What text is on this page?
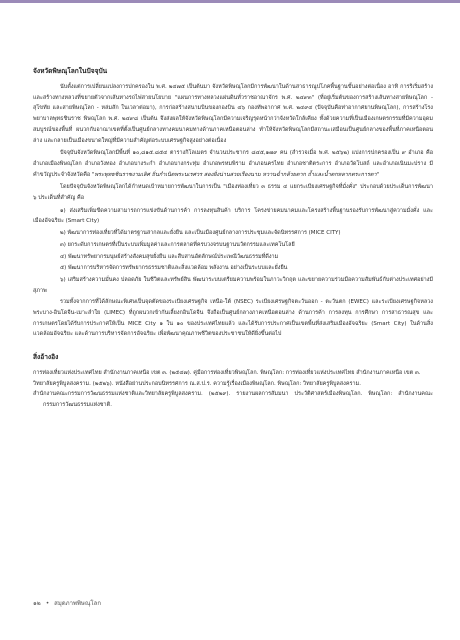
จังหวัดพิษณุโลกในปัจจุบัน

นับตั้งแต่การเปลี่ยนแปลงการปกครองใน พ.ศ. ๒๔๗๕ เป็นต้นมา จังหวัดพิษณุโลกมีการพัฒนาในด้านสาธารณูปโภคพื้นฐานขั้นอย่างต่อเนื่อง อาทิ การริเริ่มสร้างและสร้างทางหลวงที่ขยายตัวจากเส้นทางรถไฟสายนโยบาย "แผนการทางหลวงแผ่นดินทั่วราชอาณาจักร พ.ศ. ๒๔๙๓" (ที่อยู่เริ่มต้นของการสร้างเส้นทางสายพิษณุโลก - สุโขทัย และสายพิษณุโลก - หล่มสัก ในเวลาต่อมา), การก่อสร้างสนามบินของกองบิน ๔๖ กองทัพอากาศ พ.ศ. ๒๔๙๔ (ปัจจุบันคือท่าอากาศยานพิษณุโลก), การสร้างโรงพยาบาลพุทธชินราช พิษณุโลก พ.ศ. ๒๔๙๘ เป็นต้น จึงส่งผลให้จังหวัดพิษณุโลกมีความเจริญรุดหน้ากว่าจังหวัดใกล้เคียง ทั้งด้วยความที่เป็นเมืองเกษตรกรรมที่มีความอุดมสมบูรณ์ของพื้นที่ ผนวกกับอาณาเขตที่ตั้งเป็นศูนย์กลางทางคมนาคมทางด้านภาคเหนือตอนล่าง ทำให้จังหวัดพิษณุโลกมีสถานะเสมือนเป็นศูนย์กลางของพื้นที่ภาคเหนือตอนล่าง และกลายเป็นเมืองขนาดใหญ่ที่มีความสำคัญต่อระบบเศรษฐกิจสูงอย่างต่อเนื่อง

ปัจจุบันจังหวัดพิษณุโลกมีพื้นที่ ๑๐,๘๑๕.๘๕๔ ตารางกิโลเมตร จำนวนประชากร ๘๔๕,๑๗๙ คน (สำรวจเมื่อ พ.ศ. ๒๕๖๒) แบ่งการปกครองเป็น ๙ อำเภอ คือ อำเภอเมืองพิษณุโลก อำเภอวังทอง อำเภอบางระกำ อำเภอบางกระทุ่ม อำเภอพรหมพิราม อำเภอนครไทย อำเภอชาติตระการ อำเภอวัดโบสถ์ และอำเภอเนินมะปราง มีคำขวัญประจำจังหวัดคือ "พระพุทธชินราชงามเลิศ ถิ่นกำเนิดพระนเรศวร สองฝั่งน่านสวยเรืองนาม หวานฉ่ำกล้วยตาก ถ้ำและน้ำตกหลากตระการตา"

โดยปัจจุบันจังหวัดพิษณุโลกได้กำหนดเป้าหมายการพัฒนาในการเป็น "เมืองท่องเที่ยว ๓ ธรรม ๔ แยกระเบียงเศรษฐกิจที่มั่งคั่ง" ประกอบด้วยประเด็นการพัฒนา ๖ ประเด็นที่สำคัญ คือ

๑) ส่งเสริมเพิ่มขีดความสามารถการแข่งขันด้านการค้า การลงทุนสินค้า บริการ โครงข่ายคมนาคมและโครงสร้างพื้นฐานรองรับการพัฒนาสู่ความมั่งคั่ง และเมืองอัจฉริยะ (Smart City)

๒) พัฒนาการท่องเที่ยวที่ได้มาตรฐานสากลและยั่งยืน และเป็นเมืองศูนย์กลางการประชุมและจัดนิทรรศการ (MICE CITY)

๓) ยกระดับการเกษตรที่เป็นระบบเพิ่มมูลค่าและการตลาดที่ครบวงจรบนฐานนวัตกรรมและเทคโนโลยี

๔) พัฒนาทรัพยากรมนุษย์สร้างสังคมสุขยั่งยืน และสืบสานอัตลักษณ์ประเพณีวัฒนธรรมที่ดีงาม

๕) พัฒนาการบริหารจัดการทรัพยากรธรรมชาติและสิ่งแวดล้อม พลังงาน อย่างเป็นระบบและยั่งยืน

๖) เสริมสร้างความมั่นคง ปลอดภัย ในชีวิตและทรัพย์สิน พัฒนาระบบเตรียมความพร้อมในภาวะวิกฤต และขยายความร่วมมือความสัมพันธ์กับต่างประเทศอย่างมีสุภาพ

รวมทั้งจากการที่ได้ลักษณะพิเศษเป็นจุดตัดของระเบียงเศรษฐกิจ เหนือ-ใต้ (NSEC) ระเบียงเศรษฐกิจตะวันออก - ตะวันตก (EWEC) และระเบียงเศรษฐกิจหลวงพระบาง-อินโดจีน-เมาะลำใย (LIMEC) ที่ถูกผนวกเข้ากันเลี้ยงกอินโดจีน จึงถือเป็นศูนย์กลางภาคเหนือตอนล่าง ด้านการค้า การลงทุน การศึกษา การสาธารณสุข และการเกษตรโดยได้รับการประกาศให้เป็น MICE City ๑ ใน ๑๐ ของประเทศไทยแล้ว และได้รับการประกาศเป็นเขตพื้นที่ส่งเสริมเมืองอัจฉริยะ (Smart City) ในด้านสิ่งแวดล้อมอัจฉริยะ และด้านการบริหารจัดการอัจฉริยะ เพื่อพัฒนาคุณภาพชีวิตของประชาชนให้ดียิ่งขึ้นต่อไป

สิ่งอ้างอิง

การท่องเที่ยวแห่งประเทศไทย สำนักงานภาคเหนือ เขต ๓. (๒๕๔๗). คู่มือการท่องเที่ยวพิษณุโลก. พิษณุโลก: การท่องเที่ยวแห่งประเทศไทย สำนักงานภาคเหนือ เขต ๓.

วิทยาลัยครูพิบูลสงคราม. (๒๕๒๖). หนังสือย่านประกอบนิทรรศการ ณ.ส.ป.ร. ความรู้เรื่องเมืองพิษณุโลก. พิษณุโลก: วิทยาลัยครูพิบูลสงคราม.

สำนักงานคณะกรรมการวัฒนธรรมแห่งชาติและวิทยาลัยครูพิบูลสงคราม. (๒๕๒๙). รายงานผลการสัมมนา ประวัติศาสตร์เมืองพิษณุโลก. พิษณุโลก: สำนักงานคณะกรรมการวัฒนธรรมแห่งชาติ.

๑๒ • สมุดภาพพิษณุโลก
